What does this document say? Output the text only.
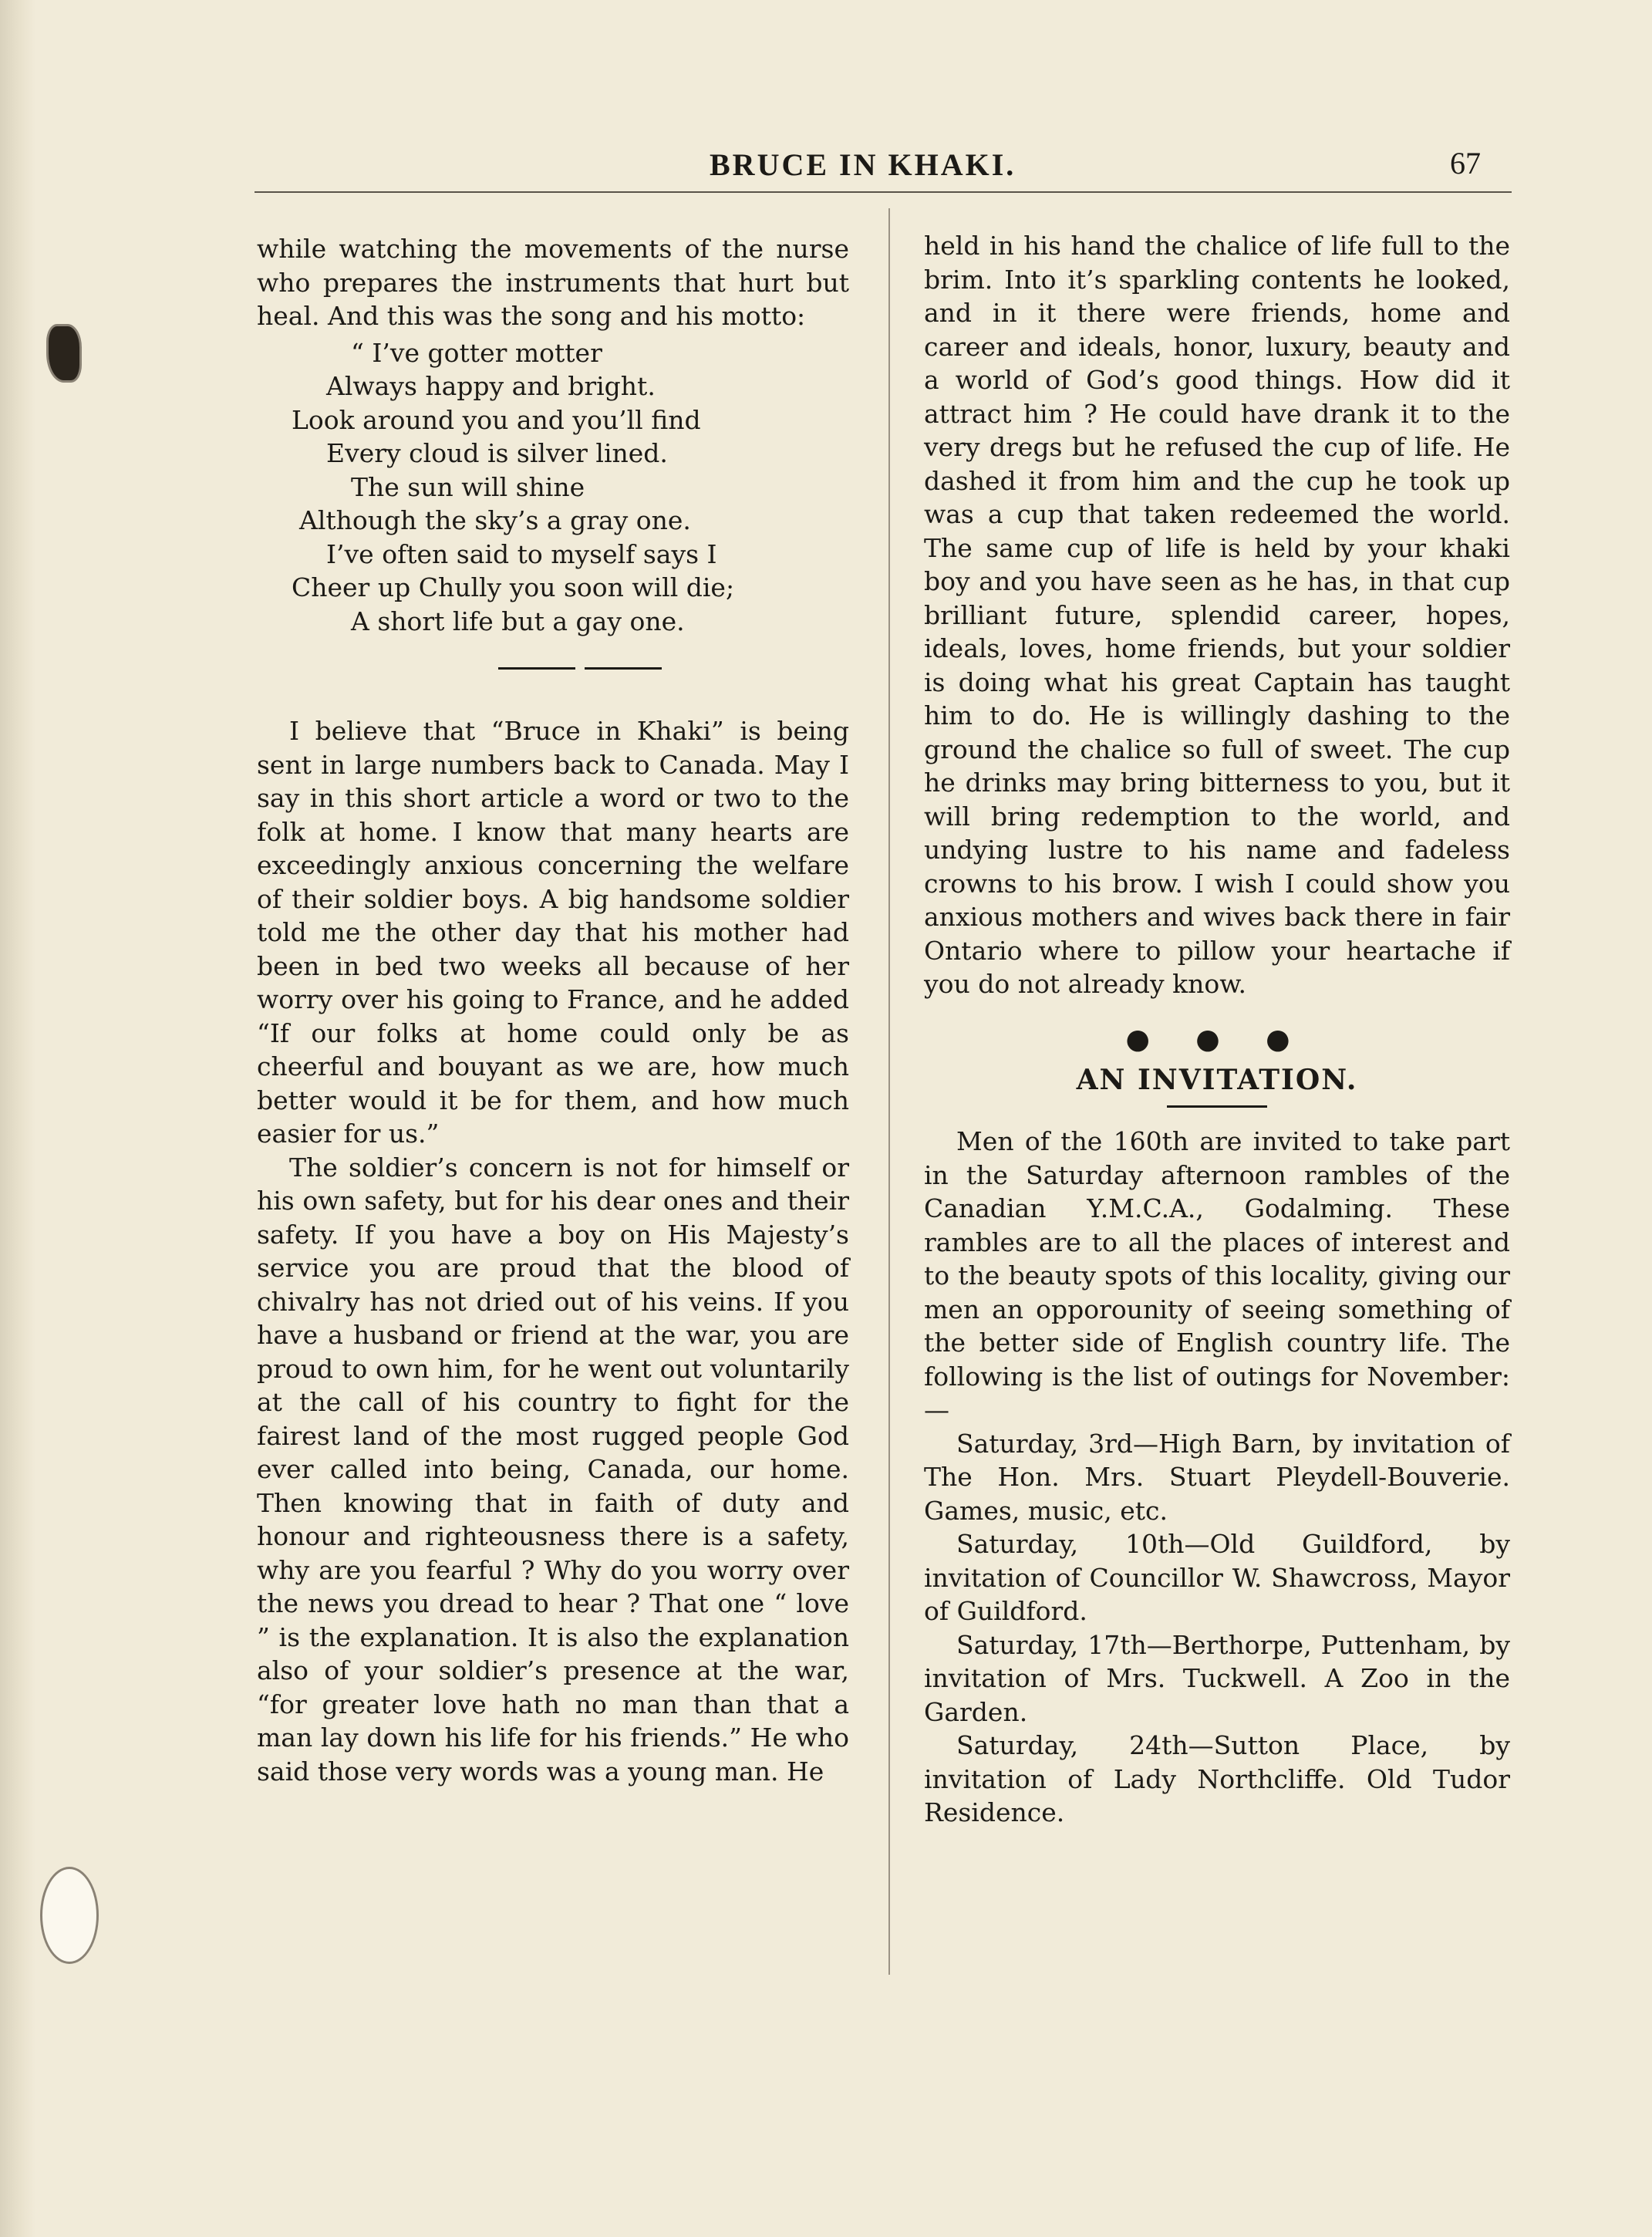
BRUCE IN KHAKI.	67

while watching the movements of the nurse who prepares the instruments that hurt but heal. And this was the song and his motto:

“ I’ve gotter motter
Always happy and bright.
Look around you and you’ll find
Every cloud is silver lined.
The sun will shine
Although the sky’s a gray one.
I’ve often said to myself says I
Cheer up Chully you soon will die;
A short life but a gay one.

I believe that “Bruce in Khaki” is being sent in large numbers back to Canada. May I say in this short article a word or two to the folk at home. I know that many hearts are exceedingly anxious concerning the welfare of their soldier boys. A big handsome soldier told me the other day that his mother had been in bed two weeks all because of her worry over his going to France, and he added “If our folks at home could only be as cheerful and bouyant as we are, how much better would it be for them, and how much easier for us.”

The soldier’s concern is not for himself or his own safety, but for his dear ones and their safety. If you have a boy on His Majesty’s service you are proud that the blood of chivalry has not dried out of his veins. If you have a husband or friend at the war, you are proud to own him, for he went out voluntarily at the call of his country to fight for the fairest land of the most rugged people God ever called into being, Canada, our home. Then knowing that in faith of duty and honour and righteousness there is a safety, why are you fearful ? Why do you worry over the news you dread to hear ? That one “ love ” is the explanation. It is also the explanation also of your soldier’s presence at the war, “for greater love hath no man than that a man lay down his life for his friends.” He who said those very words was a young man. He

held in his hand the chalice of life full to the brim. Into it’s sparkling contents he looked, and in it there were friends, home and career and ideals, honor, luxury, beauty and a world of God’s good things. How did it attract him ? He could have drank it to the very dregs but he refused the cup of life. He dashed it from him and the cup he took up was a cup that taken redeemed the world. The same cup of life is held by your khaki boy and you have seen as he has, in that cup brilliant future, splendid career, hopes, ideals, loves, home friends, but your soldier is doing what his great Captain has taught him to do. He is willingly dashing to the ground the chalice so full of sweet. The cup he drinks may bring bitterness to you, but it will bring redemption to the world, and undying lustre to his name and fadeless crowns to his brow. I wish I could show you anxious mothers and wives back there in fair Ontario where to pillow your heartache if you do not already know.

● ● ●
AN INVITATION.

Men of the 160th are invited to take part in the Saturday afternoon rambles of the Canadian Y.M.C.A., Godalming. These rambles are to all the places of interest and to the beauty spots of this locality, giving our men an opporounity of seeing something of the better side of English country life. The following is the list of outings for November:—

Saturday, 3rd—High Barn, by invitation of The Hon. Mrs. Stuart Pleydell-Bouverie. Games, music, etc.

Saturday, 10th—Old Guildford, by invitation of Councillor W. Shawcross, Mayor of Guildford.

Saturday, 17th—Berthorpe, Puttenham, by invitation of Mrs. Tuckwell. A Zoo in the Garden.

Saturday, 24th—Sutton Place, by invitation of Lady Northcliffe. Old Tudor Residence.
